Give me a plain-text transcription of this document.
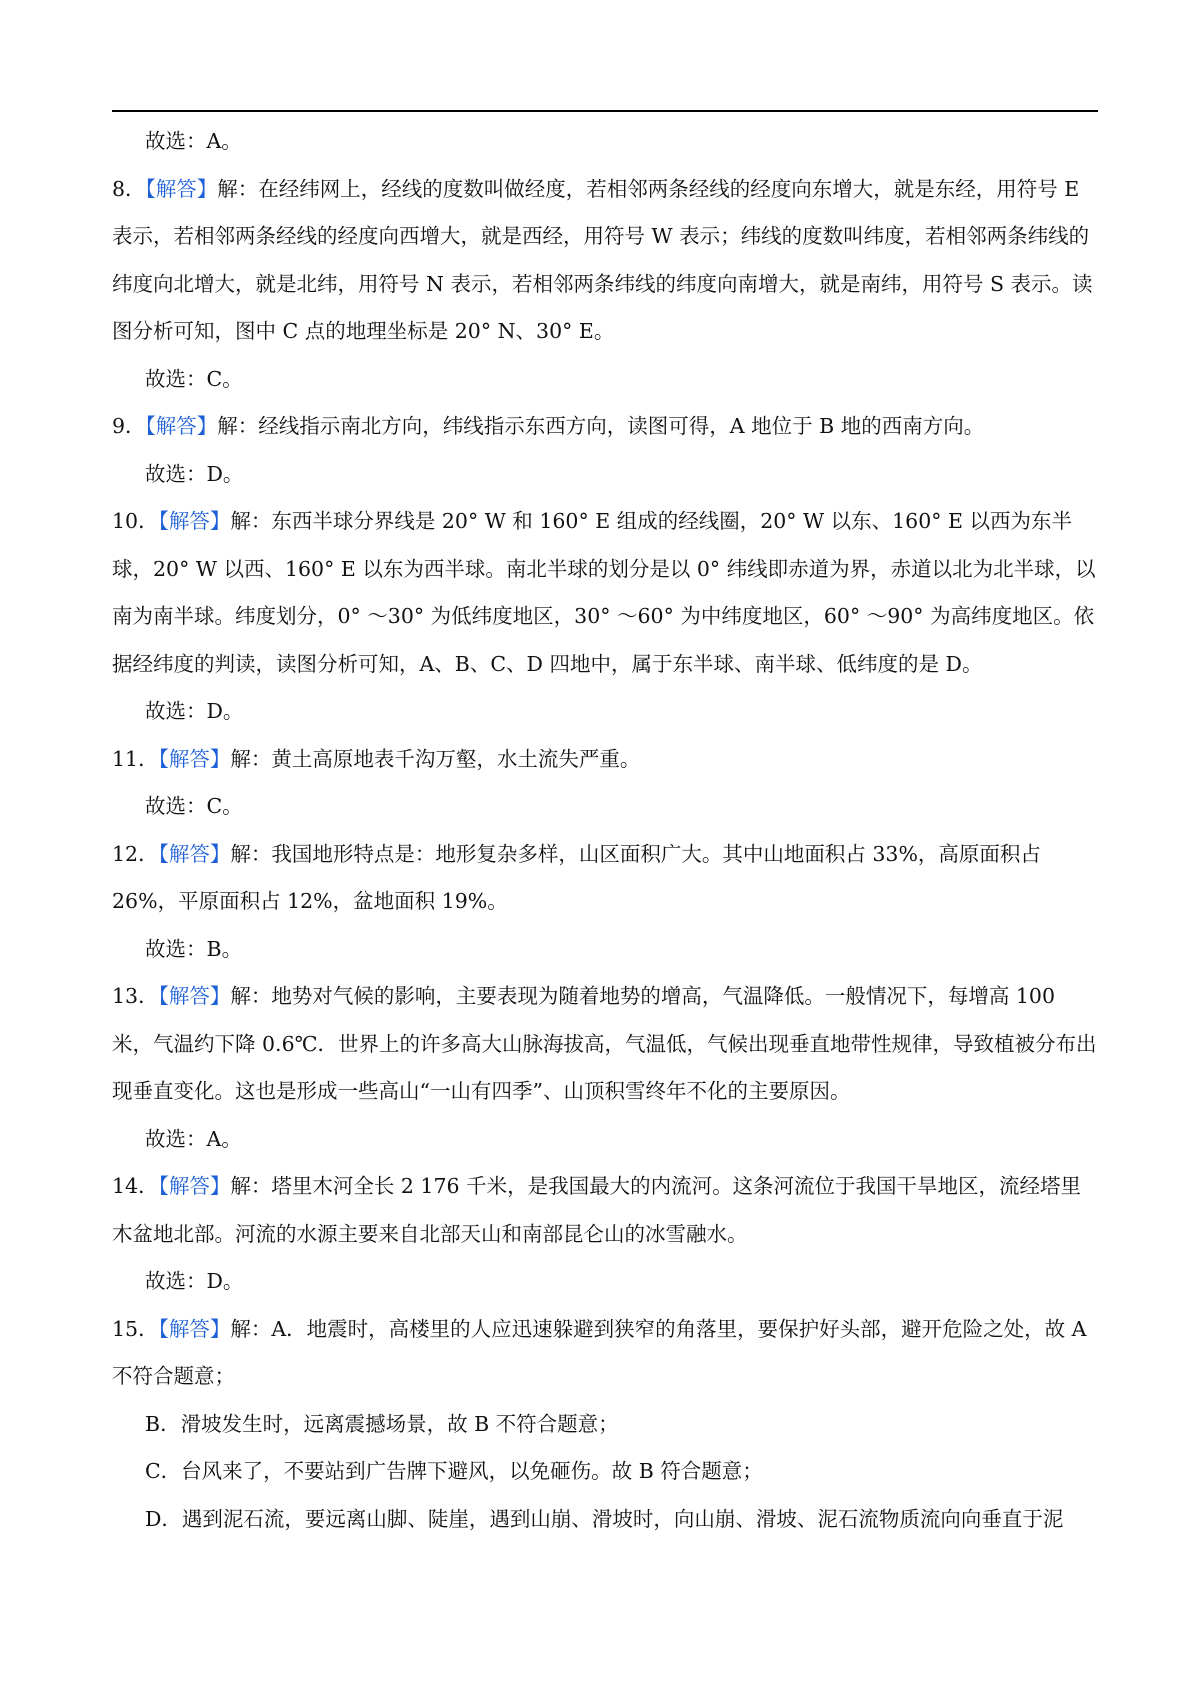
故选：A。

8．【解答】解：在经纬网上，经线的度数叫做经度，若相邻两条经线的经度向东增大，就是东经，用符号 E 表示，若相邻两条经线的经度向西增大，就是西经，用符号 W 表示；纬线的度数叫纬度，若相邻两条纬线的纬度向北增大，就是北纬，用符号 N 表示，若相邻两条纬线的纬度向南增大，就是南纬，用符号 S 表示。读图分析可知，图中 C 点的地理坐标是 20° N、30° E。

故选：C。

9．【解答】解：经线指示南北方向，纬线指示东西方向，读图可得，A 地位于 B 地的西南方向。

故选：D。

10．【解答】解：东西半球分界线是 20° W 和 160° E 组成的经线圈，20° W 以东、160° E 以西为东半球，20° W 以西、160° E 以东为西半球。南北半球的划分是以 0° 纬线即赤道为界，赤道以北为北半球，以南为南半球。纬度划分，0° ～30° 为低纬度地区，30° ～60° 为中纬度地区，60° ～90° 为高纬度地区。依据经纬度的判读，读图分析可知，A、B、C、D 四地中，属于东半球、南半球、低纬度的是 D。

故选：D。

11．【解答】解：黄土高原地表千沟万壑，水土流失严重。

故选：C。

12．【解答】解：我国地形特点是：地形复杂多样，山区面积广大。其中山地面积占 33%，高原面积占 26%，平原面积占 12%，盆地面积 19%。

故选：B。

13．【解答】解：地势对气候的影响，主要表现为随着地势的增高，气温降低。一般情况下，每增高 100 米，气温约下降 0.6℃．世界上的许多高大山脉海拔高，气温低，气候出现垂直地带性规律，导致植被分布出现垂直变化。这也是形成一些高山“一山有四季”、山顶积雪终年不化的主要原因。

故选：A。

14．【解答】解：塔里木河全长 2 176 千米，是我国最大的内流河。这条河流位于我国干旱地区，流经塔里木盆地北部。河流的水源主要来自北部天山和南部昆仑山的冰雪融水。

故选：D。

15．【解答】解：A．地震时，高楼里的人应迅速躲避到狭窄的角落里，要保护好头部，避开危险之处，故 A 不符合题意；

B．滑坡发生时，远离震撼场景，故 B 不符合题意；

C．台风来了，不要站到广告牌下避风，以免砸伤。故 B 符合题意；

D．遇到泥石流，要远离山脚、陡崖，遇到山崩、滑坡时，向山崩、滑坡、泥石流物质流向向垂直于泥
